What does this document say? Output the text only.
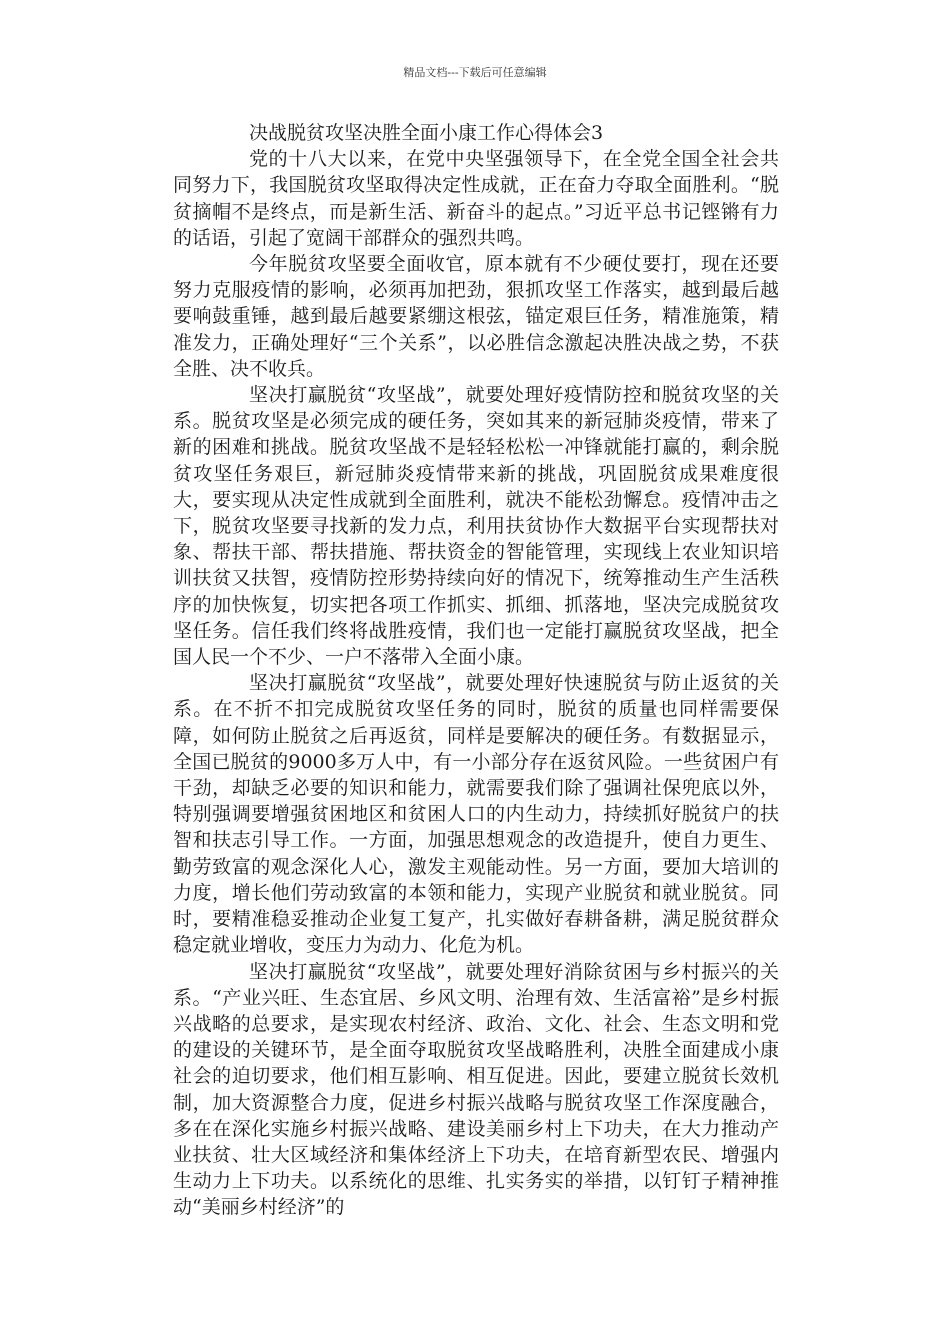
精品文档---下载后可任意编辑
决战脱贫攻坚决胜全面小康工作心得体会3

党的十八大以来，在党中央坚强领导下，在全党全国全社会共同努力下，我国脱贫攻坚取得决定性成就，正在奋力夺取全面胜利。“脱贫摘帽不是终点，而是新生活、新奋斗的起点。”习近平总书记铿锵有力的话语，引起了宽阔干部群众的强烈共鸣。

今年脱贫攻坚要全面收官，原本就有不少硬仗要打，现在还要努力克服疫情的影响，必须再加把劲，狠抓攻坚工作落实，越到最后越要响鼓重锤，越到最后越要紧绷这根弦，锚定艰巨任务，精准施策，精准发力，正确处理好“三个关系”，以必胜信念激起决胜决战之势，不获全胜、决不收兵。

坚决打赢脱贫“攻坚战”，就要处理好疫情防控和脱贫攻坚的关系。脱贫攻坚是必须完成的硬任务，突如其来的新冠肺炎疫情，带来了新的困难和挑战。脱贫攻坚战不是轻轻松松一冲锋就能打赢的，剩余脱贫攻坚任务艰巨，新冠肺炎疫情带来新的挑战，巩固脱贫成果难度很大，要实现从决定性成就到全面胜利，就决不能松劲懈怠。疫情冲击之下，脱贫攻坚要寻找新的发力点，利用扶贫协作大数据平台实现帮扶对象、帮扶干部、帮扶措施、帮扶资金的智能管理，实现线上农业知识培训扶贫又扶智，疫情防控形势持续向好的情况下，统筹推动生产生活秩序的加快恢复，切实把各项工作抓实、抓细、抓落地，坚决完成脱贫攻坚任务。信任我们终将战胜疫情，我们也一定能打赢脱贫攻坚战，把全国人民一个不少、一户不落带入全面小康。

坚决打赢脱贫“攻坚战”，就要处理好快速脱贫与防止返贫的关系。在不折不扣完成脱贫攻坚任务的同时，脱贫的质量也同样需要保障，如何防止脱贫之后再返贫，同样是要解决的硬任务。有数据显示，全国已脱贫的9000多万人中，有一小部分存在返贫风险。一些贫困户有干劲，却缺乏必要的知识和能力，就需要我们除了强调社保兜底以外，特别强调要增强贫困地区和贫困人口的内生动力，持续抓好脱贫户的扶智和扶志引导工作。一方面，加强思想观念的改造提升，使自力更生、勤劳致富的观念深化人心，激发主观能动性。另一方面，要加大培训的力度，增长他们劳动致富的本领和能力，实现产业脱贫和就业脱贫。同时，要精准稳妥推动企业复工复产，扎实做好春耕备耕，满足脱贫群众稳定就业增收，变压力为动力、化危为机。

坚决打赢脱贫“攻坚战”，就要处理好消除贫困与乡村振兴的关系。“产业兴旺、生态宜居、乡风文明、治理有效、生活富裕”是乡村振兴战略的总要求，是实现农村经济、政治、文化、社会、生态文明和党的建设的关键环节，是全面夺取脱贫攻坚战略胜利，决胜全面建成小康社会的迫切要求，他们相互影响、相互促进。因此，要建立脱贫长效机制，加大资源整合力度，促进乡村振兴战略与脱贫攻坚工作深度融合，多在在深化实施乡村振兴战略、建设美丽乡村上下功夫，在大力推动产业扶贫、壮大区域经济和集体经济上下功夫，在培育新型农民、增强内生动力上下功夫。以系统化的思维、扎实务实的举措，以钉钉子精神推动“美丽乡村经济”的
